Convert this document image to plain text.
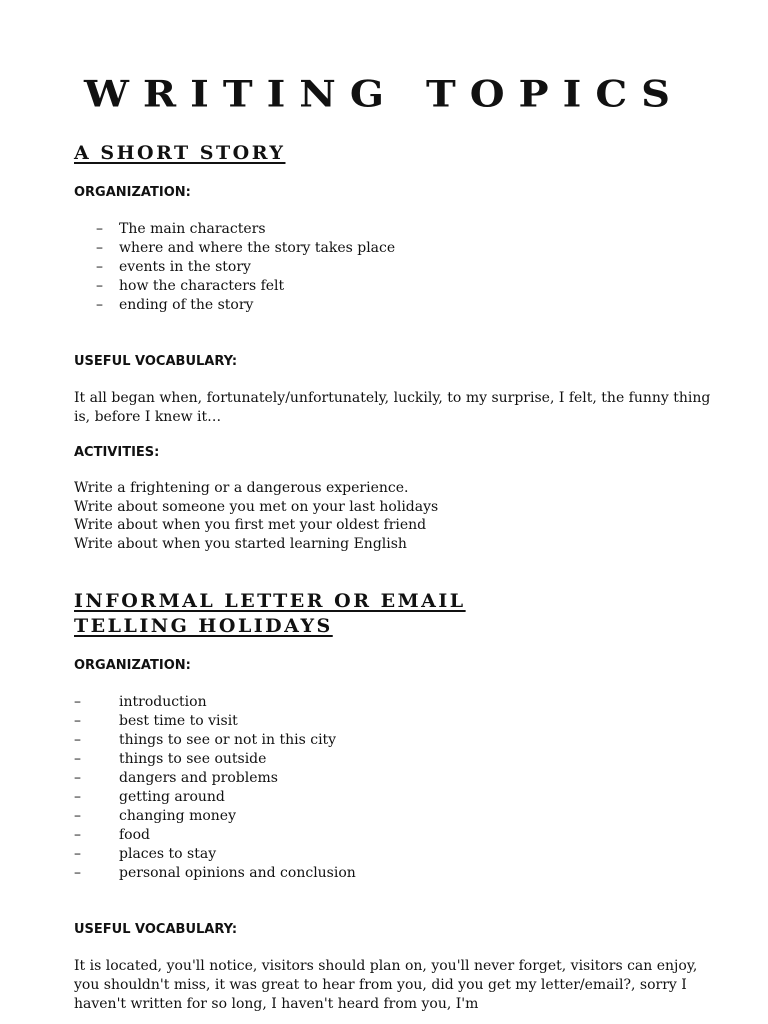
WRITING TOPICS
A SHORT STORY
ORGANIZATION:
– The main characters
– where and where the story takes place
– events in the story
– how the characters felt
– ending of the story
USEFUL VOCABULARY:

It all began when, fortunately/unfortunately, luckily, to my surprise, I felt, the funny thing is, before I knew it…

ACTIVITIES:
Write a frightening or a dangerous experience.
Write about someone you met on your last holidays
Write about when you first met your oldest friend
Write about when you started learning English
INFORMAL LETTER OR EMAIL
TELLING HOLIDAYS
ORGANIZATION:
–	introduction
–	best time to visit
–	things to see or not in this city
–	things to see outside
–	dangers and problems
–	getting around
–	changing money
–	food
–	places to stay
–	personal opinions and conclusion
USEFUL VOCABULARY:

It is located, you'll notice, visitors should plan on, you'll never forget, visitors can enjoy, you shouldn't miss, it was great to hear from you, did you get my letter/email?, sorry I haven't written for so long, I haven't heard from you, I'm
